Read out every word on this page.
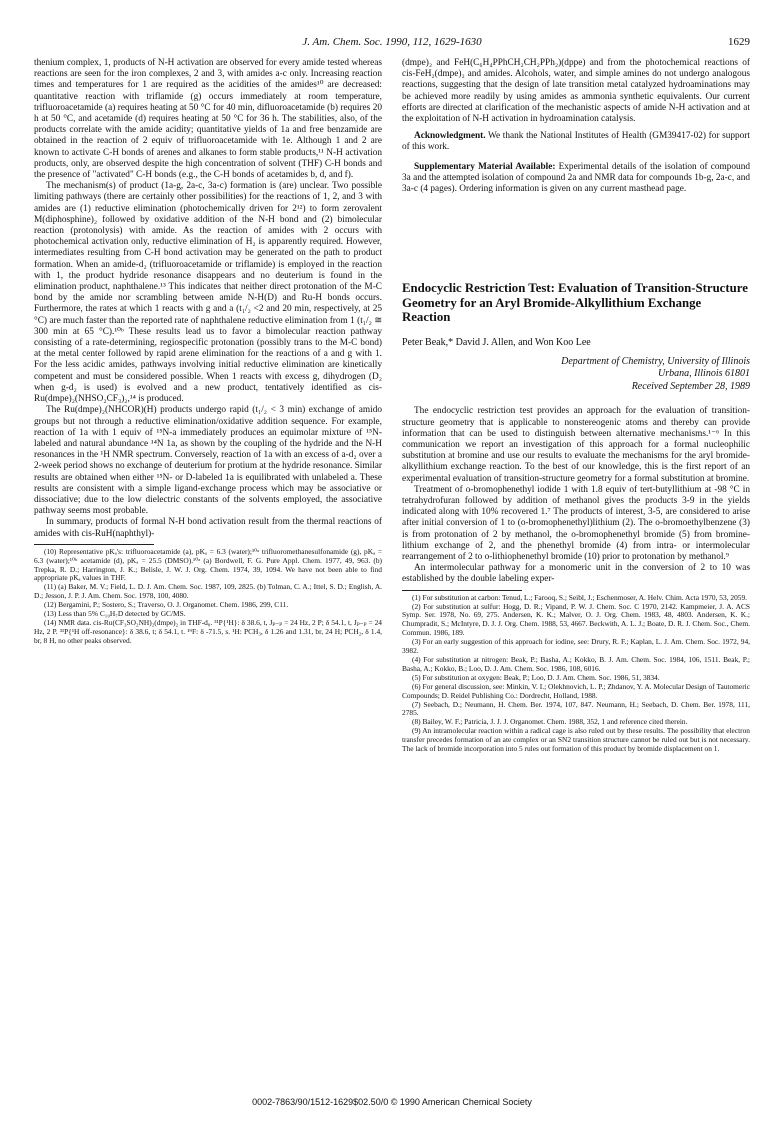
J. Am. Chem. Soc. 1990, 112, 1629-1630	1629

thenium complex, 1, products of N-H activation are observed for every amide tested whereas reactions are seen for the iron complexes, 2 and 3, with amides a-c only. Increasing reaction times and temperatures for 1 are required as the acidities of the amides¹⁰ are decreased: quantitative reaction with triflamide (g) occurs immediately at room temperature, trifluoroacetamide (a) requires heating at 50 °C for 40 min, difluoroacetamide (b) requires 20 h at 50 °C, and acetamide (d) requires heating at 50 °C for 36 h. The stabilities, also, of the products correlate with the amide acidity; quantitative yields of 1a and free benzamide are obtained in the reaction of 2 equiv of trifluoroacetamide with 1e. Although 1 and 2 are known to activate C-H bonds of arenes and alkanes to form stable products,¹¹ N-H activation products, only, are observed despite the high concentration of solvent (THF) C-H bonds and the presence of "activated" C-H bonds (e.g., the C-H bonds of acetamides b, d, and f).

The mechanism(s) of product (1a-g, 2a-c, 3a-c) formation is (are) unclear. Two possible limiting pathways (there are certainly other possibilities) for the reactions of 1, 2, and 3 with amides are (1) reductive elimination (photochemically driven for 2¹²) to form zerovalent M(diphosphine)₂ followed by oxidative addition of the N-H bond and (2) bimolecular reaction (protonolysis) with amide. As the reaction of amides with 2 occurs with photochemical activation only, reductive elimination of H₂ is apparently required. However, intermediates resulting from C-H bond activation may be generated on the path to product formation. When an amide-d₂ (trifluoroacetamide or triflamide) is employed in the reaction with 1, the product hydride resonance disappears and no deuterium is found in the elimination product, naphthalene.¹³ This indicates that neither direct protonation of the M-C bond by the amide nor scrambling between amide N-H(D) and Ru-H bonds occurs. Furthermore, the rates at which 1 reacts with g and a (t₁/₂ <2 and 20 min, respectively, at 25 °C) are much faster than the reported rate of naphthalene reductive elimination from 1 (t₁/₂ ≅ 300 min at 65 °C).¹⁰ᵇ These results lead us to favor a bimolecular reaction pathway consisting of a rate-determining, regiospecific protonation (possibly trans to the M-C bond) at the metal center followed by rapid arene elimination for the reactions of a and g with 1. For the less acidic amides, pathways involving initial reductive elimination are kinetically competent and must be considered possible. When 1 reacts with excess g, dihydrogen (D₂ when g-d₂ is used) is evolved and a new product, tentatively identified as cis-Ru(dmpe)₂(NHSO₂CF₃)₂,¹⁴ is produced.

The Ru(dmpe)₂(NHCOR)(H) products undergo rapid (t₁/₂ < 3 min) exchange of amido groups but not through a reductive elimination/oxidative addition sequence. For example, reaction of 1a with 1 equiv of ¹⁵N-a immediately produces an equimolar mixture of ¹⁵N-labeled and natural abundance ¹⁴N 1a, as shown by the coupling of the hydride and the N-H resonances in the ¹H NMR spectrum. Conversely, reaction of 1a with an excess of a-d₂ over a 2-week period shows no exchange of deuterium for protium at the hydride resonance. Similar results are obtained when either ¹⁵N- or D-labeled 1a is equilibrated with unlabeled a. These results are consistent with a simple ligand-exchange process which may be associative or dissociative; due to the low dielectric constants of the solvents employed, the associative pathway seems most probable.

In summary, products of formal N-H bond activation result from the thermal reactions of amides with cis-RuH(naphthyl)-

(10) Representative pKₐ's: trifluoroacetamide (a), pKₐ = 6.3 (water);¹⁰ᵃ trifluoromethanesulfonamide (g), pKₐ = 6.3 (water);¹⁰ᵇ acetamide (d), pKₐ = 25.5 (DMSO).¹⁰ᵃ (a) Bordwell, F. G. Pure Appl. Chem. 1977, 49, 963. (b) Trepka, R. D.; Harrington, J. K.; Belisle, J. W. J. Org. Chem. 1974, 39, 1094. We have not been able to find appropriate pKₐ values in THF.

(11) (a) Baker, M. V.; Field, L. D. J. Am. Chem. Soc. 1987, 109, 2825. (b) Tolman, C. A.; Ittel, S. D.; English, A. D.; Jesson, J. P. J. Am. Chem. Soc. 1978, 100, 4080.

(12) Bergamini, P.; Sostero, S.; Traverso, O. J. Organomet. Chem. 1986, 299, C11.

(13) Less than 5% C₁₀H₇D detected by GC/MS.

(14) NMR data. cis-Ru(CF₃SO₂NH)₂(dmpe)₂ in THF-d₈. ³¹P{¹H}: δ 38.6, t, Jₚ₋ₚ = 24 Hz, 2 P; δ 54.1, t, Jₚ₋ₚ = 24 Hz, 2 P. ³¹P{¹H off-resonance}: δ 38.6, t; δ 54.1, t. ¹⁹F: δ -71.5, s. ¹H: PCH₃, δ 1.26 and 1.31, br, 24 H; PCH₂, δ 1.4, br, 8 H, no other peaks observed.

(dmpe)₂ and FeH(C₆H₄PPhCH₂CH₂PPh₂)(dppe) and from the photochemical reactions of cis-FeH₂(dmpe)₂ and amides. Alcohols, water, and simple amines do not undergo analogous reactions, suggesting that the design of late transition metal catalyzed hydroaminations may be achieved more readily by using amides as ammonia synthetic equivalents. Our current efforts are directed at clarification of the mechanistic aspects of amide N-H activation and at the exploitation of N-H activation in hydroamination catalysis.

Acknowledgment. We thank the National Institutes of Health (GM39417-02) for support of this work.

Supplementary Material Available: Experimental details of the isolation of compound 3a and the attempted isolation of compound 2a and NMR data for compounds 1b-g, 2a-c, and 3a-c (4 pages). Ordering information is given on any current masthead page.

Endocyclic Restriction Test: Evaluation of Transition-Structure Geometry for an Aryl Bromide-Alkyllithium Exchange Reaction
Peter Beak,* David J. Allen, and Won Koo Lee
Department of Chemistry, University of Illinois
Urbana, Illinois 61801
Received September 28, 1989

The endocyclic restriction test provides an approach for the evaluation of transition-structure geometry that is applicable to nonstereogenic atoms and thereby can provide information that can be used to distinguish between alternative mechanisms.¹⁻⁶ In this communication we report an investigation of this approach for a formal nucleophilic substitution at bromine and use our results to evaluate the mechanisms for the aryl bromide-alkyllithium exchange reaction. To the best of our knowledge, this is the first report of an experimental evaluation of transition-structure geometry for a formal substitution at bromine.

Treatment of o-bromophenethyl iodide 1 with 1.8 equiv of tert-butyllithium at -98 °C in tetrahydrofuran followed by addition of methanol gives the products 3-9 in the yields indicated along with 10% recovered 1.⁷ The products of interest, 3-5, are considered to arise after initial conversion of 1 to (o-bromophenethyl)lithium (2). The o-bromoethylbenzene (3) is from protonation of 2 by methanol, the o-bromophenethyl bromide (5) from bromine-lithium exchange of 2, and the phenethyl bromide (4) from intra- or intermolecular rearrangement of 2 to o-lithiophenethyl bromide (10) prior to protonation by methanol.⁹

An intermolecular pathway for a monomeric unit in the conversion of 2 to 10 was established by the double labeling exper-

(1) For substitution at carbon: Tenud, L.; Farooq, S.; Seibl, J.; Eschenmoser, A. Helv. Chim. Acta 1970, 53, 2059.

(2) For substitution at sulfur: Hogg, D. R.; Vipand, P. W. J. Chem. Soc. C 1970, 2142. Kampmeier, J. A. ACS Symp. Ser. 1978, No. 69, 275. Andersen, K. K.; Malver, O. J. Org. Chem. 1983, 48, 4803. Andersen, K. K.; Chumpradit, S.; McIntyre, D. J. J. Org. Chem. 1988, 53, 4667. Beckwith, A. L. J.; Boate, D. R. J. Chem. Soc., Chem. Commun. 1986, 189.

(3) For an early suggestion of this approach for iodine, see: Drury, R. F.; Kaplan, L. J. Am. Chem. Soc. 1972, 94, 3982.

(4) For substitution at nitrogen: Beak, P.; Basha, A.; Kokko, B. J. Am. Chem. Soc. 1984, 106, 1511. Beak, P.; Basha, A.; Kokko, B.; Loo, D. J. Am. Chem. Soc. 1986, 108, 6016.

(5) For substitution at oxygen: Beak, P.; Loo, D. J. Am. Chem. Soc. 1986, 51, 3834.

(6) For general discussion, see: Minkin, V. I.; Olekhnovich, L. P.; Zhdanov, Y. A. Molecular Design of Tautomeric Compounds; D. Reidel Publishing Co.: Dordrecht, Holland, 1988.

(7) Seebach, D.; Neumann, H. Chem. Ber. 1974, 107, 847. Neumann, H.; Seebach, D. Chem. Ber. 1978, 111, 2785.

(8) Bailey, W. F.; Patricia, J. J. J. Organomet. Chem. 1988, 352, 1 and reference cited therein.

(9) An intramolecular reaction within a radical cage is also ruled out by these results. The possibility that electron transfer precedes formation of an ate complex or an SN2 transition structure cannot be ruled out but is not necessary. The lack of bromide incorporation into 5 rules out formation of this product by bromide displacement on 1.

0002-7863/90/1512-1629$02.50/0 © 1990 American Chemical Society
